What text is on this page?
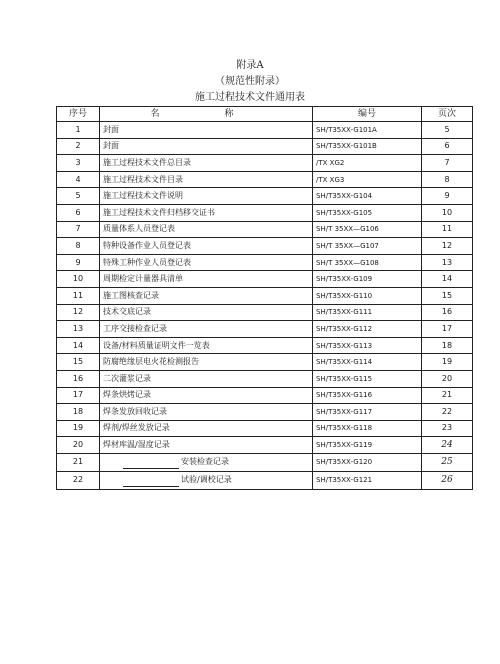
附录A
（规范性附录）
施工过程技术文件通用表
序号	名　称	编号	页次
1	封面	SH/T35XX-G101A	5
2	封面	SH/T35XX-G101B	6
3	施工过程技术文件总目录	/TX XG2	7
4	施工过程技术文件目录	/TX XG3	8
5	施工过程技术文件说明	SH/T35XX-G104	9
6	施工过程技术文件归档移交证书	SH/T35XX-G105	10
7	质量体系人员登记表	SH/T 35XX—G106	11
8	特种设备作业人员登记表	SH/T 35XX—G107	12
9	特殊工种作业人员登记表	SH/T 35XX—G108	13
10	周期检定计量器具清单	SH/T35XX-G109	14
11	施工图核查记录	SH/T35XX-G110	15
12	技术交底记录	SH/T35XX-G111	16
13	工序交接检查记录	SH/T35XX-G112	17
14	设备/材料质量证明文件一览表	SH/T35XX-G113	18
15	防腐绝缘层电火花检测报告	SH/T35XX-G114	19
16	二次灌浆记录	SH/T35XX-G115	20
17	焊条烘烤记录	SH/T35XX-G116	21
18	焊条发放回收记录	SH/T35XX-G117	22
19	焊剂/焊丝发放记录	SH/T35XX-G118	23
20	焊材库温/湿度记录	SH/T35XX-G119	24
21	安装检查记录	SH/T35XX-G120	25
22	试验/调校记录	SH/T35XX-G121	26
